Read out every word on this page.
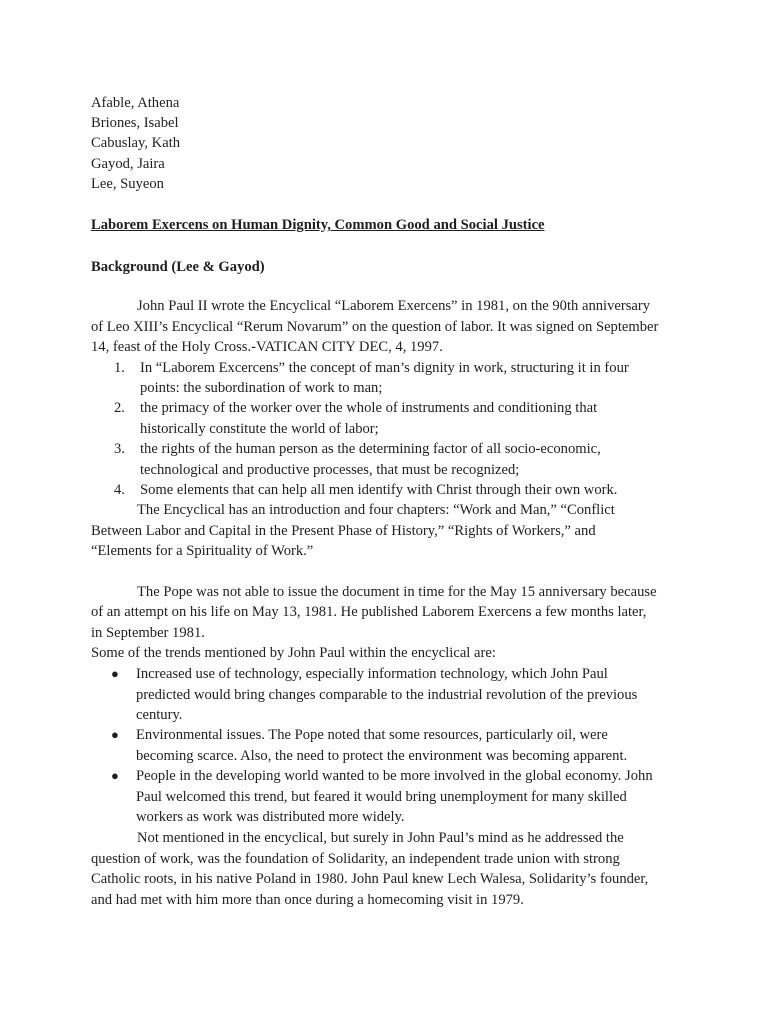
Afable, Athena
Briones, Isabel
Cabuslay, Kath
Gayod, Jaira
Lee, Suyeon
Laborem Exercens on Human Dignity, Common Good and Social Justice
Background (Lee & Gayod)
John Paul II wrote the Encyclical “Laborem Exercens” in 1981, on the 90th anniversary
of Leo XIII’s Encyclical “Rerum Novarum” on the question of labor. It was signed on September
14, feast of the Holy Cross.-VATICAN CITY DEC, 4, 1997.
1. In “Laborem Excercens” the concept of man’s dignity in work, structuring it in four
points: the subordination of work to man;
2. the primacy of the worker over the whole of instruments and conditioning that
historically constitute the world of labor;
3. the rights of the human person as the determining factor of all socio-economic,
technological and productive processes, that must be recognized;
4. Some elements that can help all men identify with Christ through their own work.
The Encyclical has an introduction and four chapters: “Work and Man,” “Conflict
Between Labor and Capital in the Present Phase of History,” “Rights of Workers,” and
“Elements for a Spirituality of Work.”
The Pope was not able to issue the document in time for the May 15 anniversary because
of an attempt on his life on May 13, 1981. He published Laborem Exercens a few months later,
in September 1981.
Some of the trends mentioned by John Paul within the encyclical are:
● Increased use of technology, especially information technology, which John Paul
predicted would bring changes comparable to the industrial revolution of the previous
century.
● Environmental issues. The Pope noted that some resources, particularly oil, were
becoming scarce. Also, the need to protect the environment was becoming apparent.
● People in the developing world wanted to be more involved in the global economy. John
Paul welcomed this trend, but feared it would bring unemployment for many skilled
workers as work was distributed more widely.
Not mentioned in the encyclical, but surely in John Paul’s mind as he addressed the
question of work, was the foundation of Solidarity, an independent trade union with strong
Catholic roots, in his native Poland in 1980. John Paul knew Lech Walesa, Solidarity’s founder,
and had met with him more than once during a homecoming visit in 1979.
